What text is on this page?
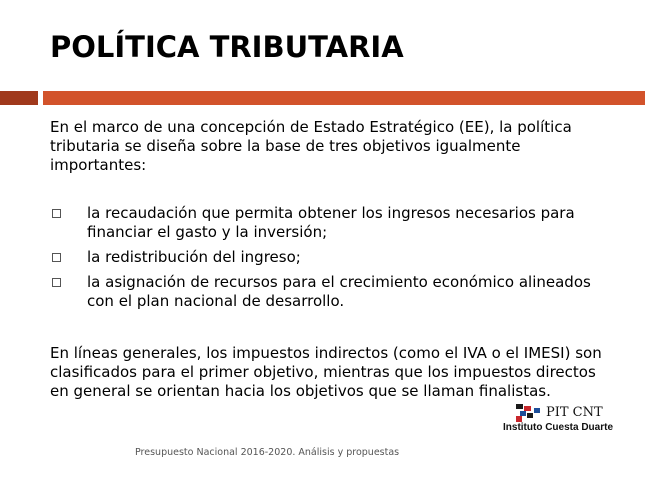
POLÍTICA TRIBUTARIA

En el marco de una concepción de Estado Estratégico (EE), la política tributaria se diseña sobre la base de tres objetivos igualmente importantes:

la recaudación que permita obtener los ingresos necesarios para financiar el gasto y la inversión;
la redistribución del ingreso;
la asignación de recursos para el crecimiento económico alineados con el plan nacional de desarrollo.

En líneas generales, los impuestos indirectos (como el IVA o el IMESI) son clasificados para el primer objetivo, mientras que los impuestos directos en general se orientan hacia los objetivos que se llaman finalistas.

PIT CNT
Instituto Cuesta Duarte
Presupuesto Nacional 2016-2020. Análisis y propuestas
